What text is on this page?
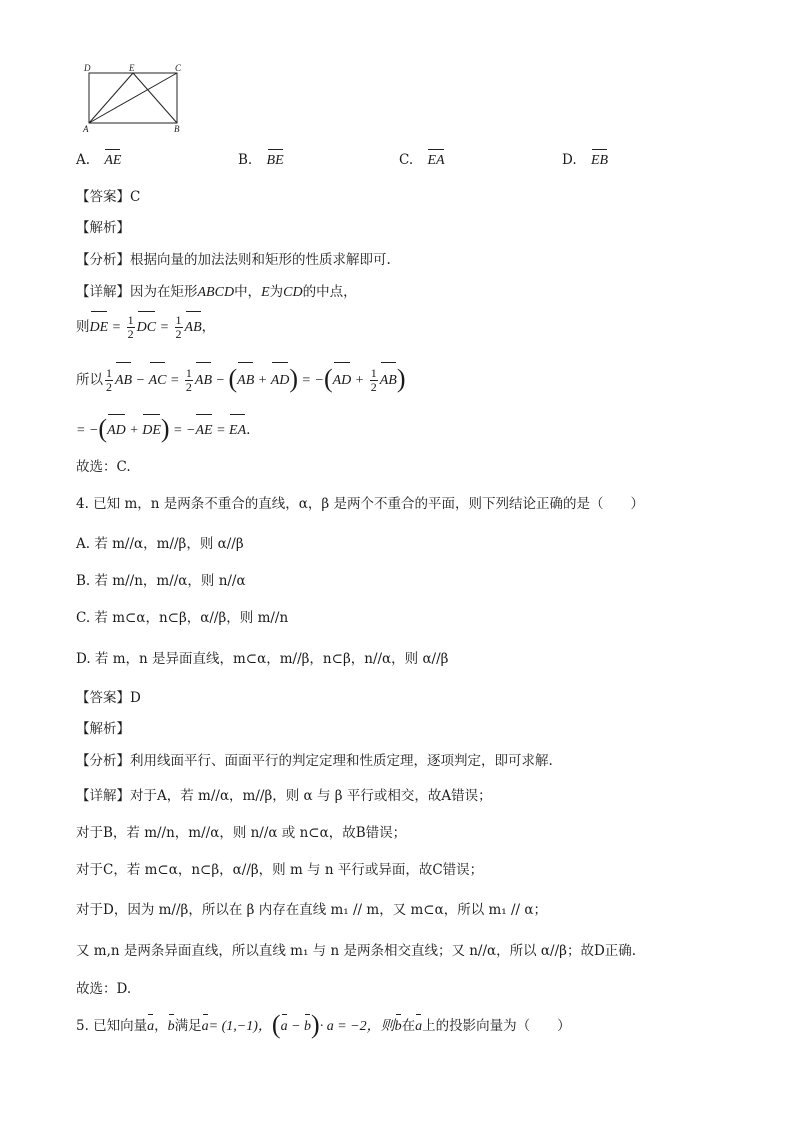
D	E	C
A	B
A. AE	B. BE	C. EA	D. EB
【答案】C
【解析】
【分析】根据向量的加法法则和矩形的性质求解即可.
【详解】因为在矩形ABCD中，E为CD的中点，
则DE = $\frac{1}{2}$ DC = $\frac{1}{2}$ AB，
所以 $\frac{1}{2}$ AB − AC = $\frac{1}{2}$ AB − $(AB + AD) = -(AD + \frac{1}{2} AB)$
= −(AD + DE) = −AE = EA.
故选：C.
4. 已知 m，n 是两条不重合的直线，α，β 是两个不重合的平面，则下列结论正确的是（　　）
A. 若 m//α，m//β，则 α//β
B. 若 m//n，m//α，则 n//α
C. 若 m⊂α，n⊂β，α//β，则 m//n
D. 若 m，n 是异面直线，m⊂α，m//β，n⊂β，n//α，则 α//β
【答案】D
【解析】
【分析】利用线面平行、面面平行的判定定理和性质定理，逐项判定，即可求解.
【详解】对于A，若 m//α，m//β，则 α 与 β 平行或相交，故A错误；
对于B，若 m//n，m//α，则 n//α 或 n⊂α，故B错误；
对于C，若 m⊂α，n⊂β，α//β，则 m 与 n 平行或异面，故C错误；
对于D，因为 m//β，所以在 β 内存在直线 m₁ // m，又 m⊂α，所以 m₁ // α；
又 m,n 是两条异面直线，所以直线 m₁ 与 n 是两条相交直线；又 n//α，所以 α//β；故D正确.
故选：D.
5. 已知向量a，b满足a= (1,−1)，(a − b)· a = −2，则b在a上的投影向量为（　　）
